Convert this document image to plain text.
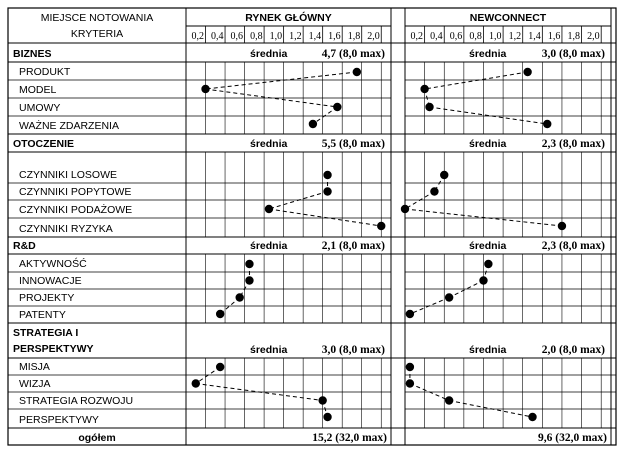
MIEJSCE NOTOWANIA
KRYTERIA
RYNEK GŁÓWNY	NEWCONNECT
0,2 0,4 0,6 0,8 1,0 1,2 1,4 1,6 1,8 2,0	0,2 0,4 0,6 0,8 1,0 1,2 1,4 1,6 1,8 2,0
BIZNES	średnia	4,7 (8,0 max)	średnia	3,0 (8,0 max)
PRODUKT
MODEL
UMOWY
WAŻNE ZDARZENIA
OTOCZENIE	średnia	5,5 (8,0 max)	średnia	2,3 (8,0 max)
CZYNNIKI LOSOWE
CZYNNIKI POPYTOWE
CZYNNIKI PODAŻOWE
CZYNNIKI RYZYKA
R&D	średnia	2,1 (8,0 max)	średnia	2,3 (8,0 max)
AKTYWNOŚĆ
INNOWACJE
PROJEKTY
PATENTY
STRATEGIA I
PERSPEKTYWY	średnia	3,0 (8,0 max)	średnia	2,0 (8,0 max)
MISJA
WIZJA
STRATEGIA ROZWOJU
PERSPEKTYWY
ogółem	15,2 (32,0 max)	9,6 (32,0 max)
